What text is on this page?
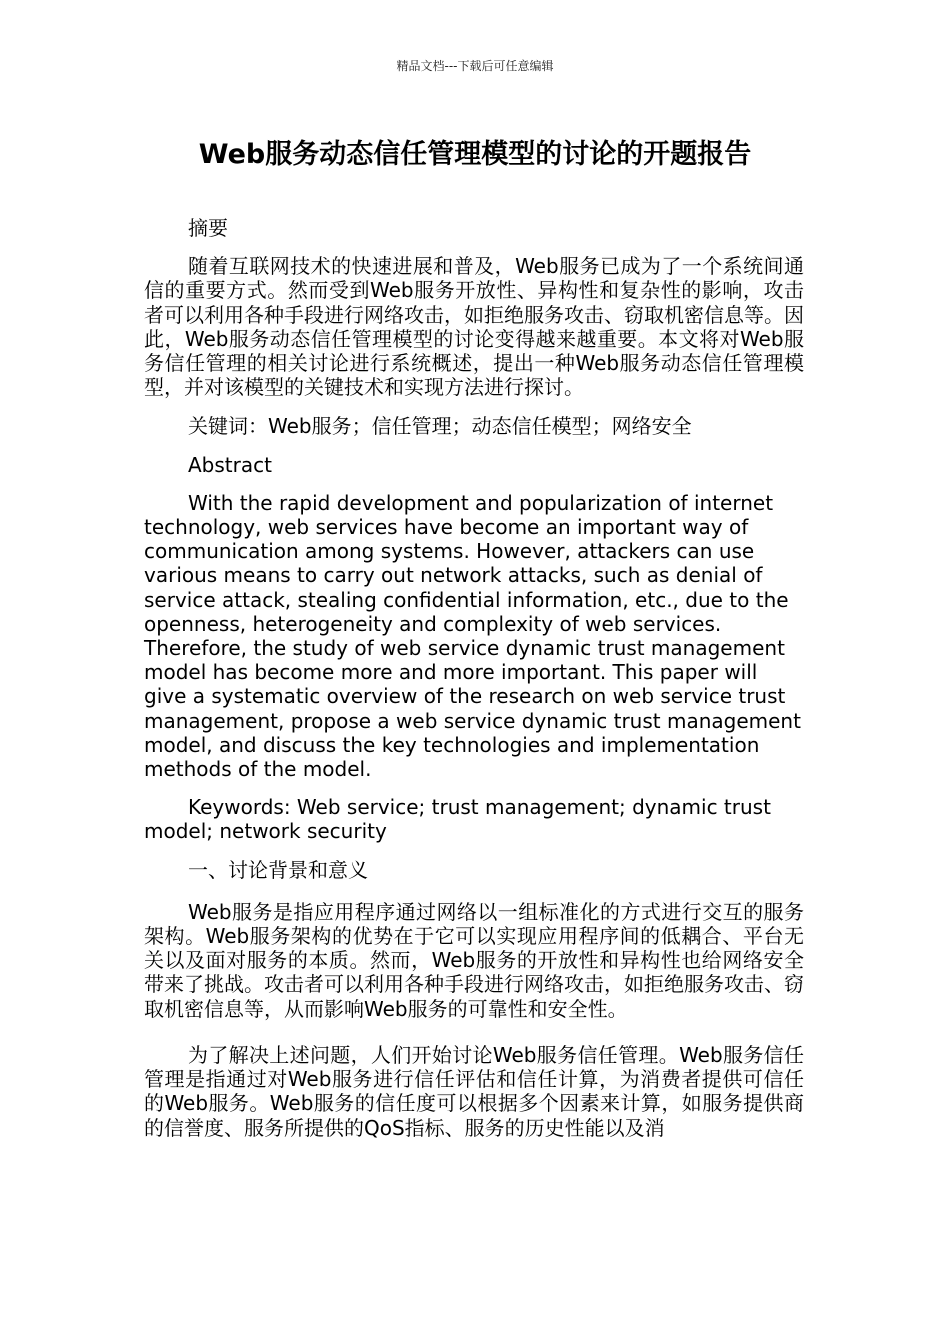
精品文档---下载后可任意编辑
Web服务动态信任管理模型的讨论的开题报告

摘要

随着互联网技术的快速进展和普及，Web服务已成为了一个系统间通信的重要方式。然而受到Web服务开放性、异构性和复杂性的影响，攻击者可以利用各种手段进行网络攻击，如拒绝服务攻击、窃取机密信息等。因此，Web服务动态信任管理模型的讨论变得越来越重要。本文将对Web服务信任管理的相关讨论进行系统概述，提出一种Web服务动态信任管理模型，并对该模型的关键技术和实现方法进行探讨。

关键词：Web服务；信任管理；动态信任模型；网络安全

Abstract

With the rapid development and popularization of internet technology, web services have become an important way of communication among systems. However, attackers can use various means to carry out network attacks, such as denial of service attack, stealing confidential information, etc., due to the openness, heterogeneity and complexity of web services. Therefore, the study of web service dynamic trust management model has become more and more important. This paper will give a systematic overview of the research on web service trust management, propose a web service dynamic trust management model, and discuss the key technologies and implementation methods of the model.

Keywords: Web service; trust management; dynamic trust model; network security

一、讨论背景和意义

Web服务是指应用程序通过网络以一组标准化的方式进行交互的服务架构。Web服务架构的优势在于它可以实现应用程序间的低耦合、平台无关以及面对服务的本质。然而，Web服务的开放性和异构性也给网络安全带来了挑战。攻击者可以利用各种手段进行网络攻击，如拒绝服务攻击、窃取机密信息等，从而影响Web服务的可靠性和安全性。

为了解决上述问题，人们开始讨论Web服务信任管理。Web服务信任管理是指通过对Web服务进行信任评估和信任计算，为消费者提供可信任的Web服务。Web服务的信任度可以根据多个因素来计算，如服务提供商的信誉度、服务所提供的QoS指标、服务的历史性能以及消
